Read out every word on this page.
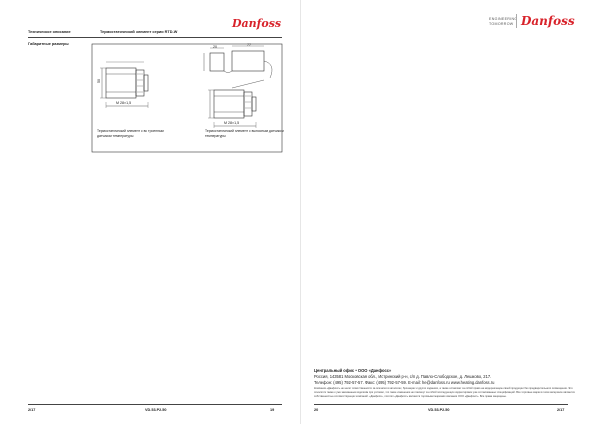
Техническое описание	Термостатический элемент серии RTD-W
Danfoss
Габаритные размеры
50
M 28×1,5
20	77
M 28×1,5
Термостатический элемент с вс троенным датчиком температуры
Термостатический элемент с выносным датчиком температуры
2/17	VD.53.P2.50	19
ENGINEERING
TOMORROW Danfoss
Центральный офис • ООО «Данфосс»
Россия, 143581 Московская обл., Истринский р-н, с/п д. Павло-Слободское, д. Лешково, 217.
Телефон: (495) 792-57-57. Факс: (495) 792-57-59. E-mail: he@danfoss.ru www.heating.danfoss.ru
Компания «Данфосс» не несет ответственности за опечатки в каталогах, брошюрах и других изданиях, а также оставляет за собой право на модернизацию своей продукции без предварительного оповещения. Это относится также к уже заказанным изделиям при условии, что такие изменения не повлекут за собой последующих корректировок уже согласованных спецификаций. Все торговые марки в этом материале являются собственностью соответствующих компаний. «Данфосс», логотип «Данфосс» являются торговыми марками компании ООО «Данфосс». Все права защищены.
20	VD.53.P2.50	2/17
